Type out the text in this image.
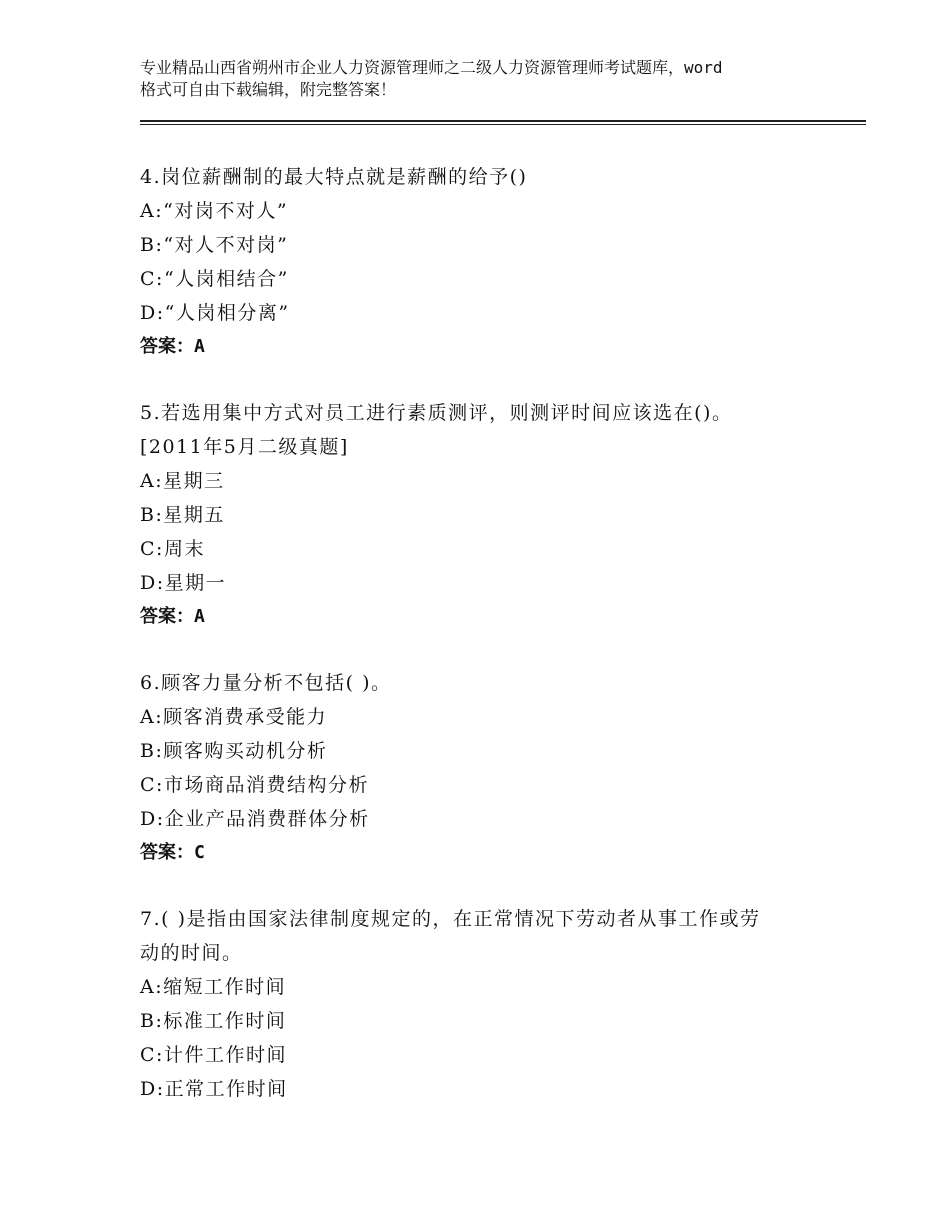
专业精品山西省朔州市企业人力资源管理师之二级人力资源管理师考试题库，word
格式可自由下载编辑，附完整答案！
4.岗位薪酬制的最大特点就是薪酬的给予()
A:“对岗不对人”
B:“对人不对岗”
C:“人岗相结合”
D:“人岗相分离”
答案：A
5.若选用集中方式对员工进行素质测评，则测评时间应该选在()。
[2011年5月二级真题]
A:星期三
B:星期五
C:周末
D:星期一
答案：A
6.顾客力量分析不包括( )。
A:顾客消费承受能力
B:顾客购买动机分析
C:市场商品消费结构分析
D:企业产品消费群体分析
答案：C
7.( )是指由国家法律制度规定的，在正常情况下劳动者从事工作或劳
动的时间。
A:缩短工作时间
B:标准工作时间
C:计件工作时间
D:正常工作时间
